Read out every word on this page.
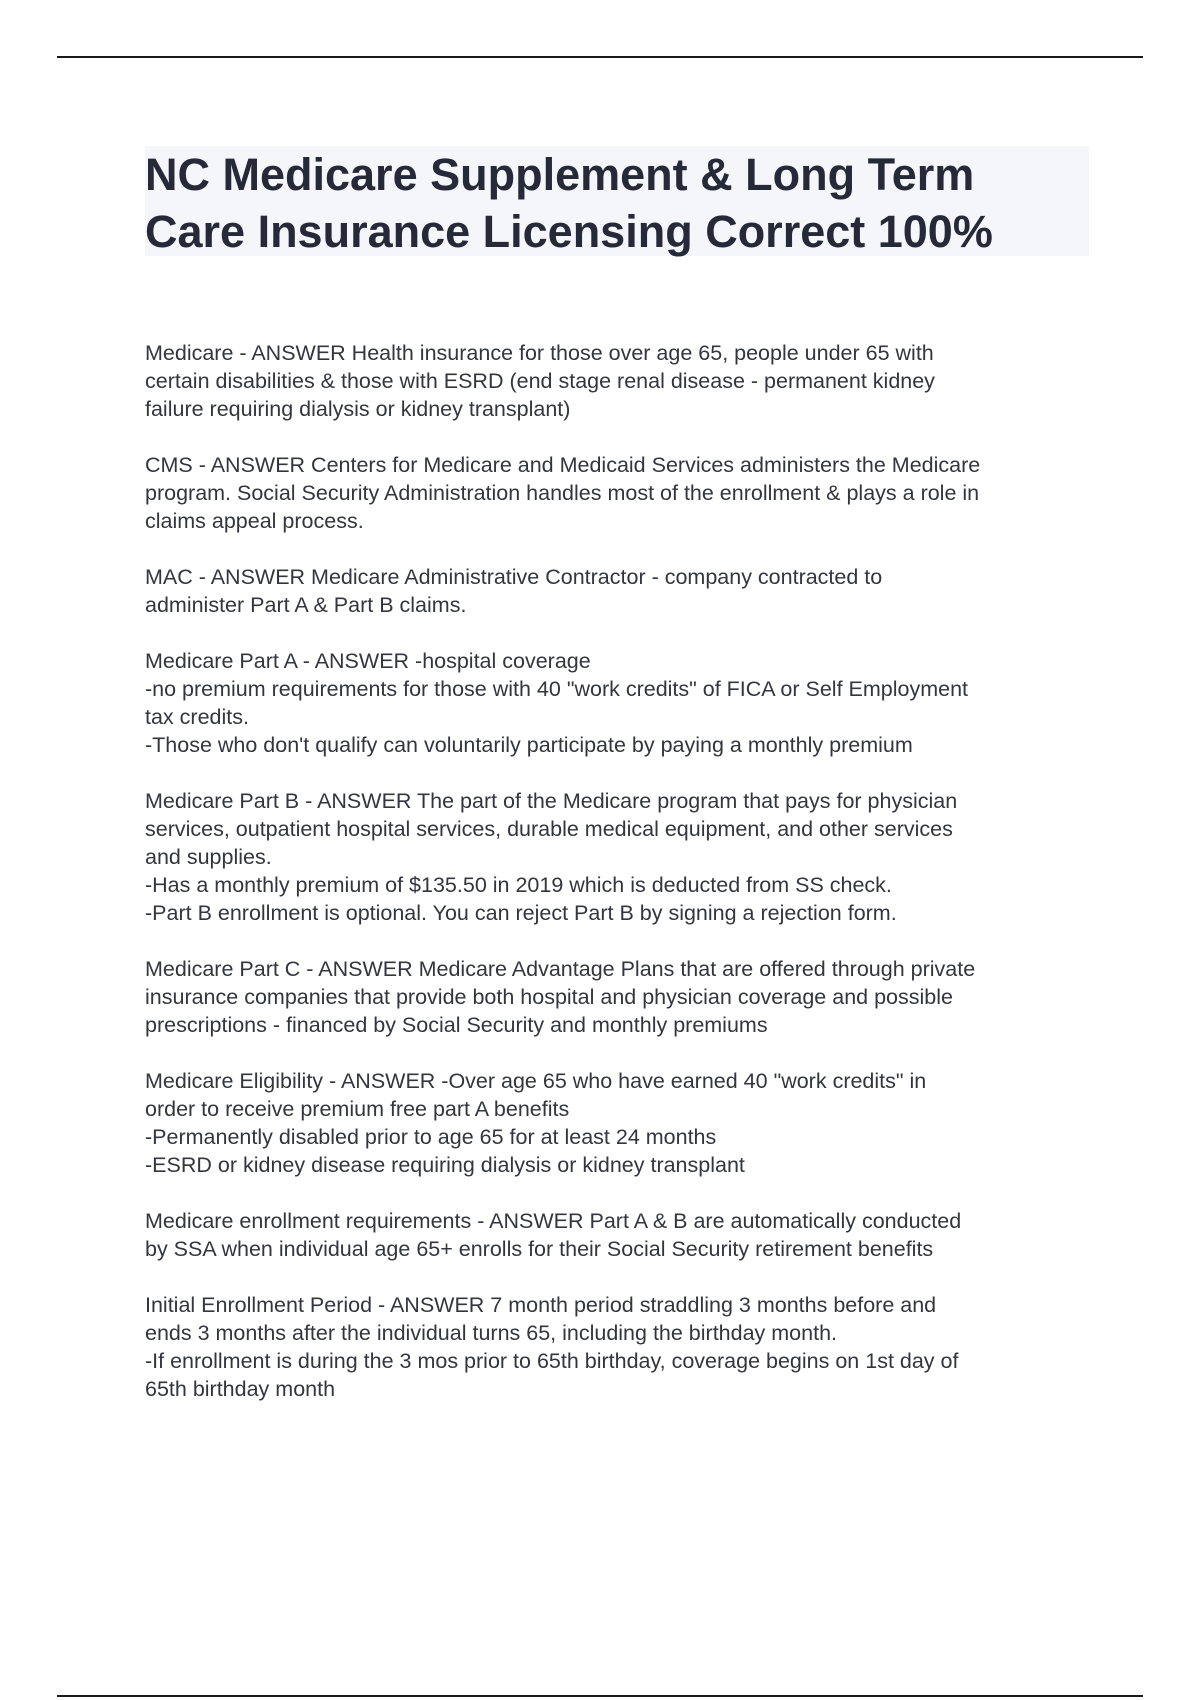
NC Medicare Supplement & Long Term
Care Insurance Licensing Correct 100%

Medicare - ANSWER Health insurance for those over age 65, people under 65 with
certain disabilities & those with ESRD (end stage renal disease - permanent kidney
failure requiring dialysis or kidney transplant)

CMS - ANSWER Centers for Medicare and Medicaid Services administers the Medicare
program. Social Security Administration handles most of the enrollment & plays a role in
claims appeal process.

MAC - ANSWER Medicare Administrative Contractor - company contracted to
administer Part A & Part B claims.

Medicare Part A - ANSWER -hospital coverage
-no premium requirements for those with 40 "work credits" of FICA or Self Employment
tax credits.
-Those who don't qualify can voluntarily participate by paying a monthly premium

Medicare Part B - ANSWER The part of the Medicare program that pays for physician
services, outpatient hospital services, durable medical equipment, and other services
and supplies.
-Has a monthly premium of $135.50 in 2019 which is deducted from SS check.
-Part B enrollment is optional. You can reject Part B by signing a rejection form.

Medicare Part C - ANSWER Medicare Advantage Plans that are offered through private
insurance companies that provide both hospital and physician coverage and possible
prescriptions - financed by Social Security and monthly premiums

Medicare Eligibility - ANSWER -Over age 65 who have earned 40 "work credits" in
order to receive premium free part A benefits
-Permanently disabled prior to age 65 for at least 24 months
-ESRD or kidney disease requiring dialysis or kidney transplant

Medicare enrollment requirements - ANSWER Part A & B are automatically conducted
by SSA when individual age 65+ enrolls for their Social Security retirement benefits

Initial Enrollment Period - ANSWER 7 month period straddling 3 months before and
ends 3 months after the individual turns 65, including the birthday month.
-If enrollment is during the 3 mos prior to 65th birthday, coverage begins on 1st day of
65th birthday month
